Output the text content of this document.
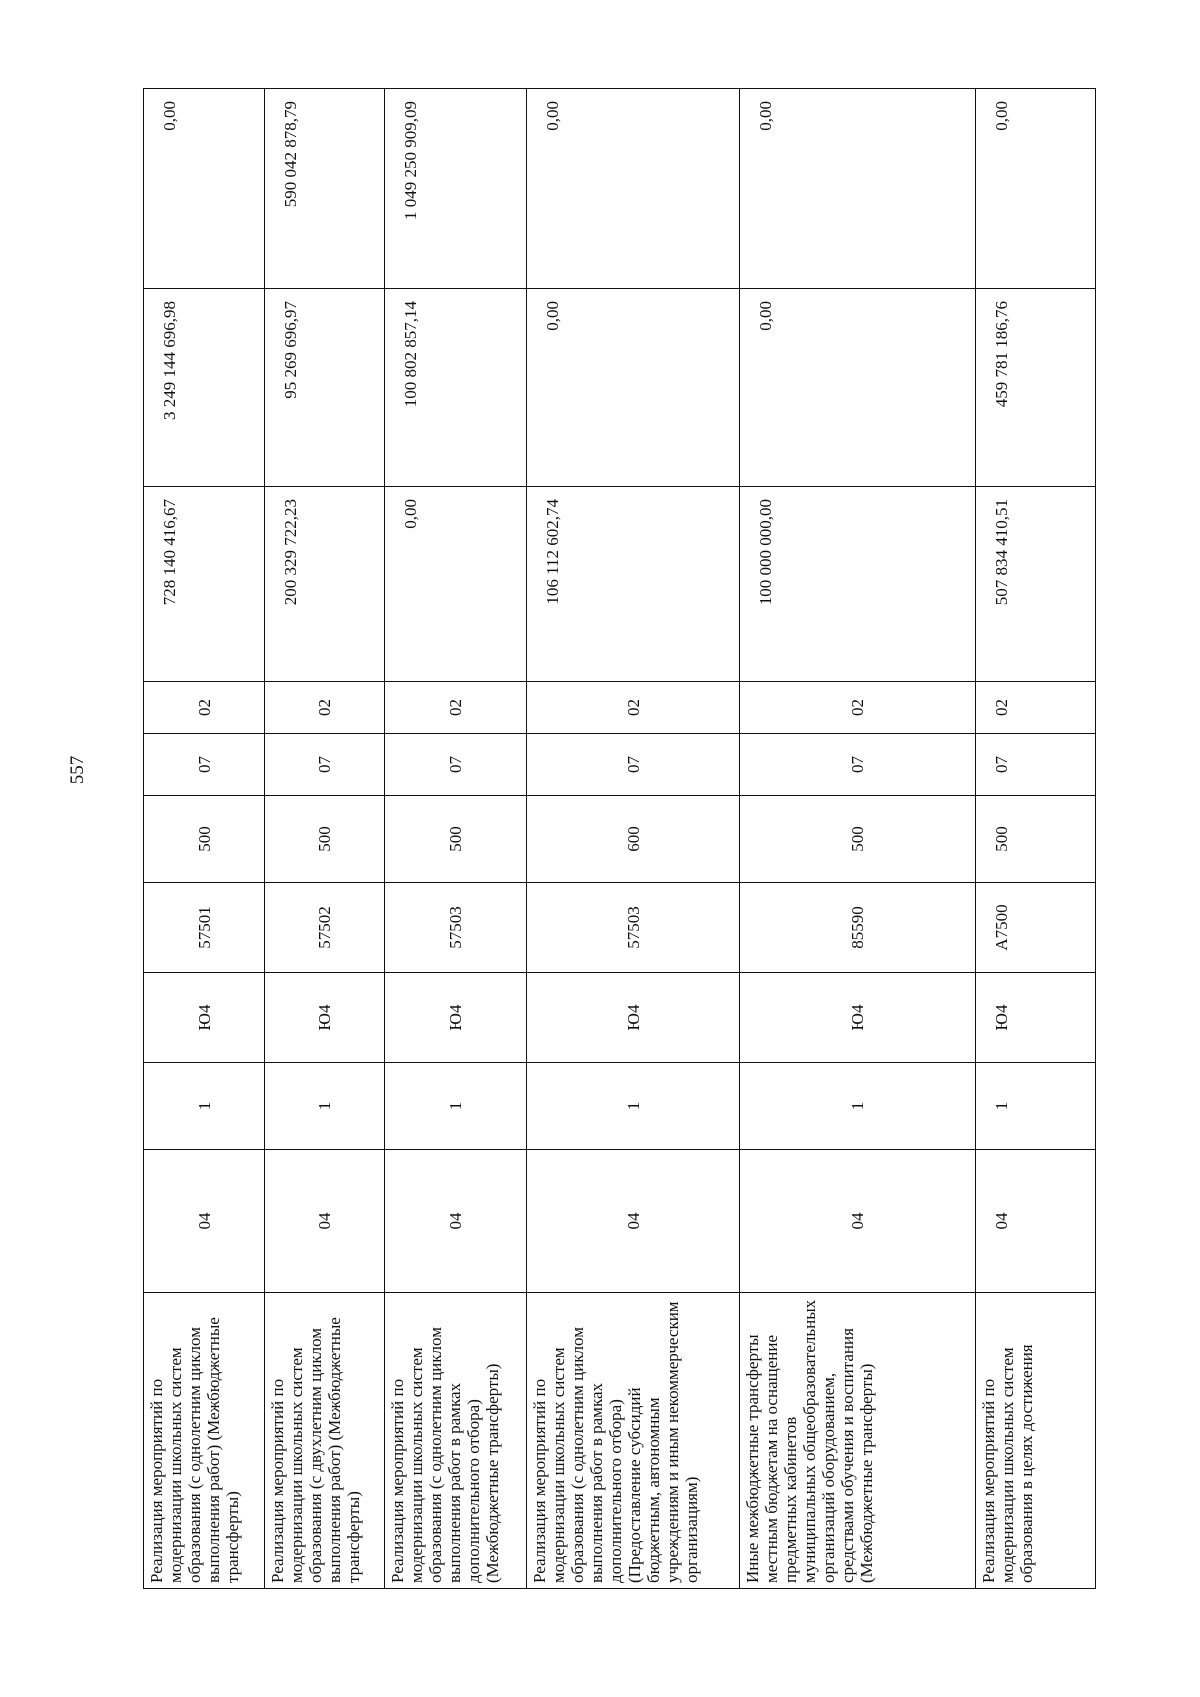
557
Реализация мероприятий по модернизации школьных систем образования (с однолетним циклом выполнения работ) (Межбюджетные трансферты)	04	1	Ю4	57501	500	07	02	728 140 416,67	3 249 144 696,98	0,00
Реализация мероприятий по модернизации школьных систем образования (с двухлетним циклом выполнения работ) (Межбюджетные трансферты)	04	1	Ю4	57502	500	07	02	200 329 722,23	95 269 696,97	590 042 878,79
Реализация мероприятий по модернизации школьных систем образования (с однолетним циклом выполнения работ в рамках дополнительного отбора) (Межбюджетные трансферты)	04	1	Ю4	57503	500	07	02	0,00	100 802 857,14	1 049 250 909,09
Реализация мероприятий по модернизации школьных систем образования (с однолетним циклом выполнения работ в рамках дополнительного отбора) (Предоставление субсидий бюджетным, автономным учреждениям и иным некоммерческим организациям)	04	1	Ю4	57503	600	07	02	106 112 602,74	0,00	0,00
Иные межбюджетные трансферты местным бюджетам на оснащение предметных кабинетов муниципальных общеобразовательных организаций оборудованием, средствами обучения и воспитания (Межбюджетные трансферты)	04	1	Ю4	85590	500	07	02	100 000 000,00	0,00	0,00
Реализация мероприятий по модернизации школьных систем образования в целях достижения	04	1	Ю4	А7500	500	07	02	507 834 410,51	459 781 186,76	0,00
